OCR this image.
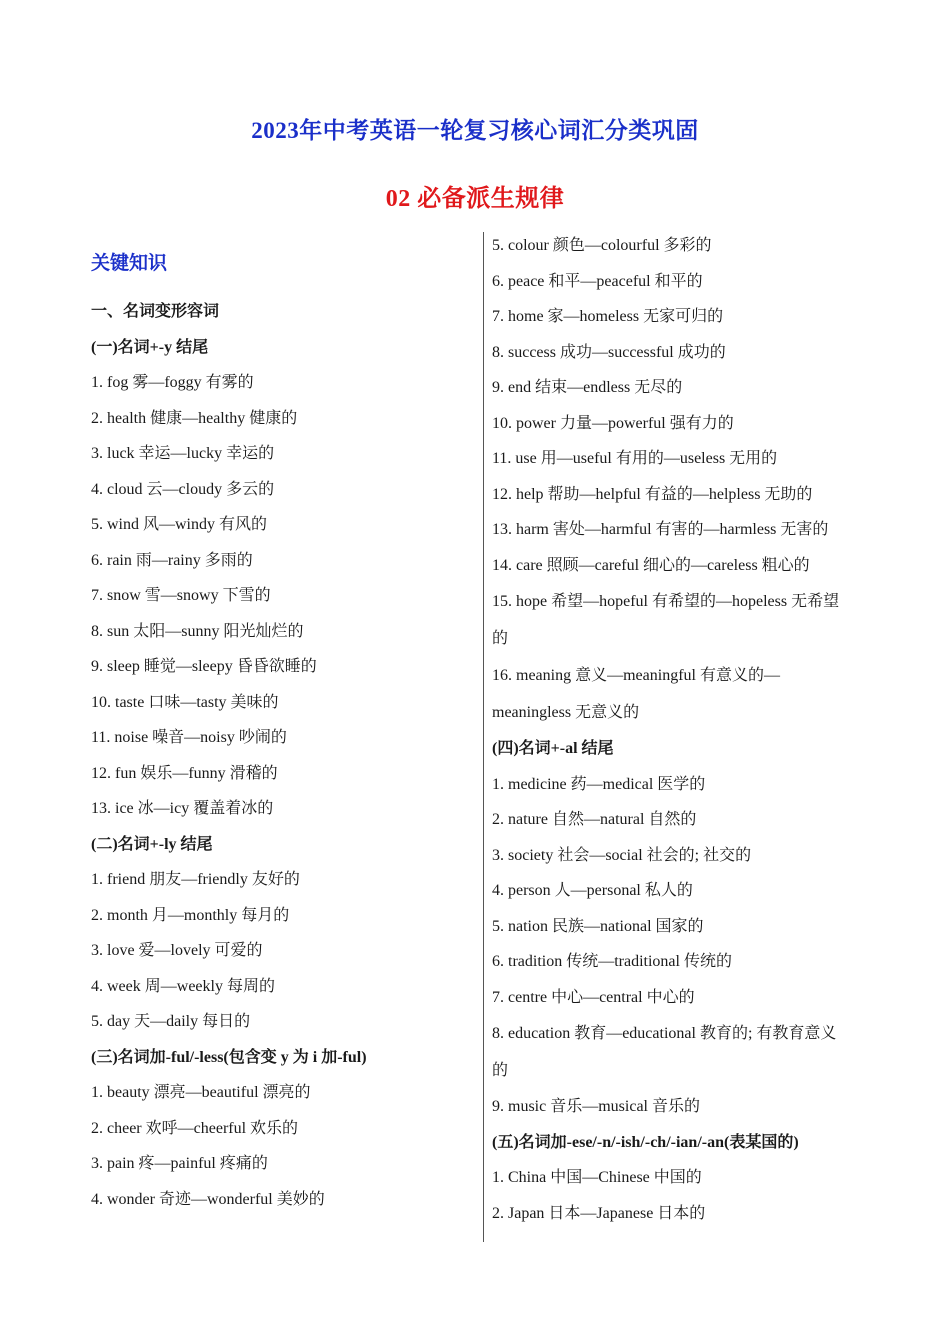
2023年中考英语一轮复习核心词汇分类巩固
02 必备派生规律
关键知识
一、名词变形容词
(一)名词+-y 结尾
1. fog 雾—foggy 有雾的
2. health 健康—healthy 健康的
3. luck 幸运—lucky 幸运的
4. cloud 云—cloudy 多云的
5. wind 风—windy 有风的
6. rain 雨—rainy 多雨的
7. snow 雪—snowy 下雪的
8. sun 太阳—sunny 阳光灿烂的
9. sleep 睡觉—sleepy 昏昏欲睡的
10. taste 口味—tasty 美味的
11. noise 噪音—noisy 吵闹的
12. fun 娱乐—funny 滑稽的
13. ice 冰—icy 覆盖着冰的
(二)名词+-ly 结尾
1. friend 朋友—friendly 友好的
2. month 月—monthly 每月的
3. love 爱—lovely 可爱的
4. week 周—weekly 每周的
5. day 天—daily 每日的
(三)名词加-ful/-less(包含变 y 为 i 加-ful)
1. beauty 漂亮—beautiful 漂亮的
2. cheer 欢呼—cheerful 欢乐的
3. pain 疼—painful 疼痛的
4. wonder 奇迹—wonderful 美妙的
5. colour 颜色—colourful 多彩的
6. peace 和平—peaceful 和平的
7. home 家—homeless 无家可归的
8. success 成功—successful 成功的
9. end 结束—endless 无尽的
10. power 力量—powerful 强有力的
11. use 用—useful 有用的—useless 无用的
12. help 帮助—helpful 有益的—helpless 无助的
13. harm 害处—harmful 有害的—harmless 无害的
14. care 照顾—careful 细心的—careless 粗心的
15. hope 希望—hopeful 有希望的—hopeless 无希望
的
16. meaning 意义—meaningful 有意义的—
meaningless 无意义的
(四)名词+-al 结尾
1. medicine 药—medical 医学的
2. nature 自然—natural 自然的
3. society 社会—social 社会的; 社交的
4. person 人—personal 私人的
5. nation 民族—national 国家的
6. tradition 传统—traditional 传统的
7. centre 中心—central 中心的
8. education 教育—educational 教育的; 有教育意义
的
9. music 音乐—musical 音乐的
(五)名词加-ese/-n/-ish/-ch/-ian/-an(表某国的)
1. China 中国—Chinese 中国的
2. Japan 日本—Japanese 日本的
